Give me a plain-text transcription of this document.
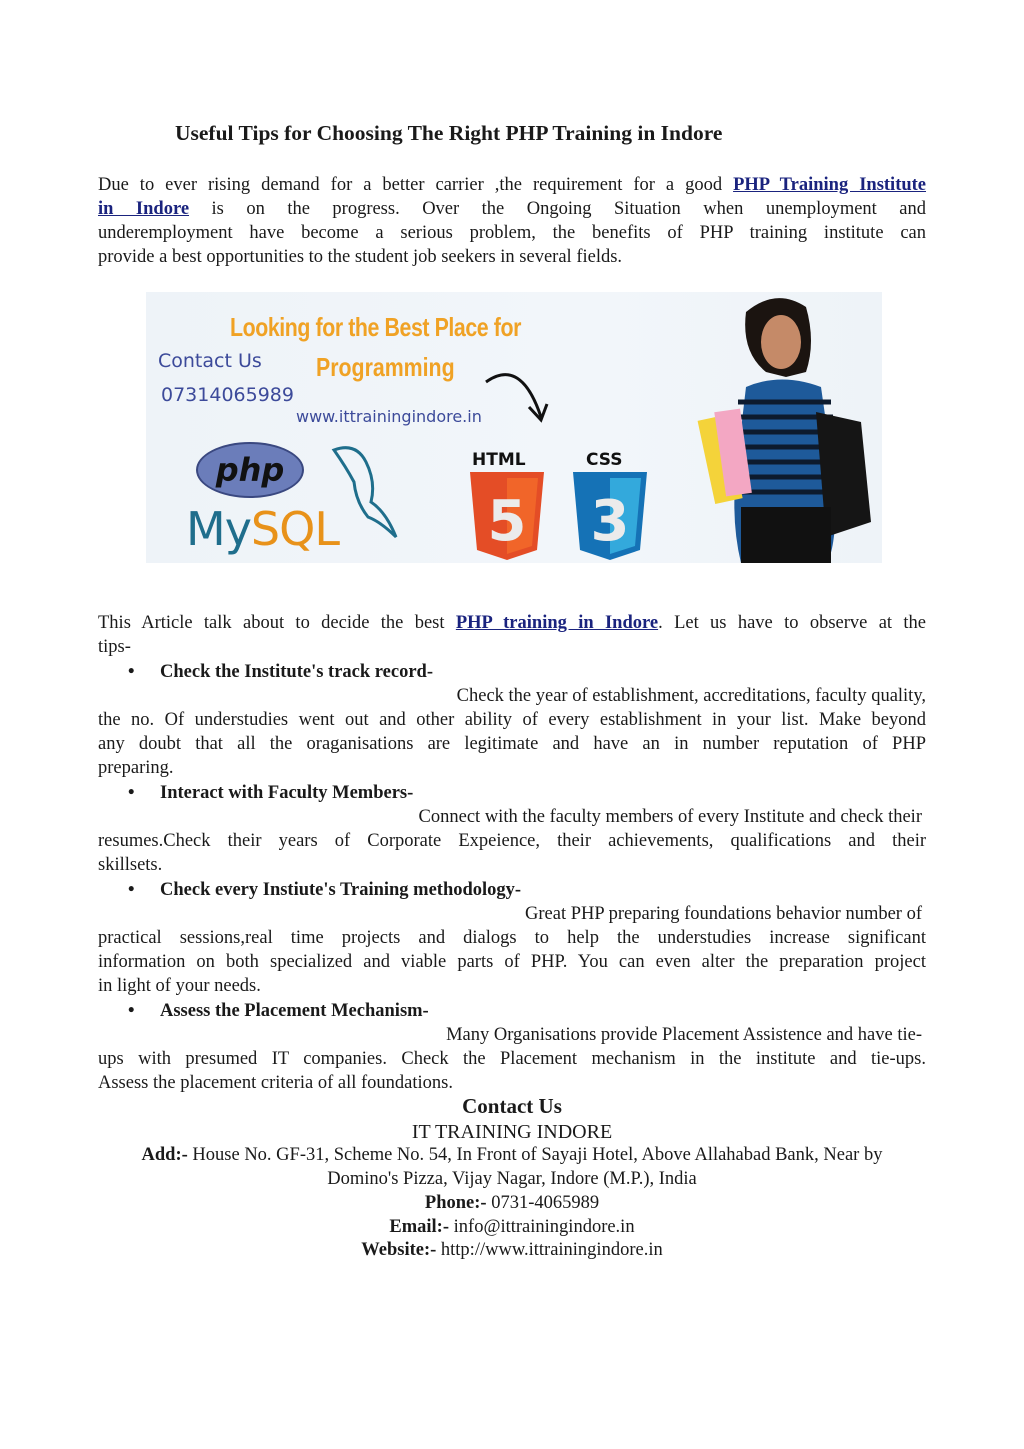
Useful Tips for Choosing The Right PHP Training in Indore
Due to ever rising demand for a better carrier ,the requirement for a good PHP Training Institute
in Indore is on the progress. Over the Ongoing Situation when unemployment and
underemployment have become a serious problem, the benefits of PHP training institute can
provide a best opportunities to the student job seekers in several fields.
This Article talk about to decide the best PHP training in Indore. Let us have to observe at the
tips-
• Check the Institute's track record-
Check the year of establishment, accreditations, faculty quality,
the no. Of understudies went out and other ability of every establishment in your list. Make beyond
any doubt that all the oraganisations are legitimate and have an in number reputation of PHP
preparing.
• Interact with Faculty Members-
Connect with the faculty members of every Institute and check their
resumes.Check their years of Corporate Expeience, their achievements, qualifications and their
skillsets.
• Check every Instiute's Training methodology-
Great PHP preparing foundations behavior number of
practical sessions,real time projects and dialogs to help the understudies increase significant
information on both specialized and viable parts of PHP. You can even alter the preparation project
in light of your needs.
• Assess the Placement Mechanism-
Many Organisations provide Placement Assistence and have tie-
ups with presumed IT companies. Check the Placement mechanism in the institute and tie-ups.
Assess the placement criteria of all foundations.
Contact Us
IT TRAINING INDORE
Add:- House No. GF-31, Scheme No. 54, In Front of Sayaji Hotel, Above Allahabad Bank, Near by
Domino's Pizza, Vijay Nagar, Indore (M.P.), India
Phone:- 0731-4065989
Email:- info@ittrainingindore.in
Website:- http://www.ittrainingindore.in
Looking for the Best Place for
Programming
Contact Us
07314065989
www.ittrainingindore.in
php
MySQL
HTML
5
CSS
3
